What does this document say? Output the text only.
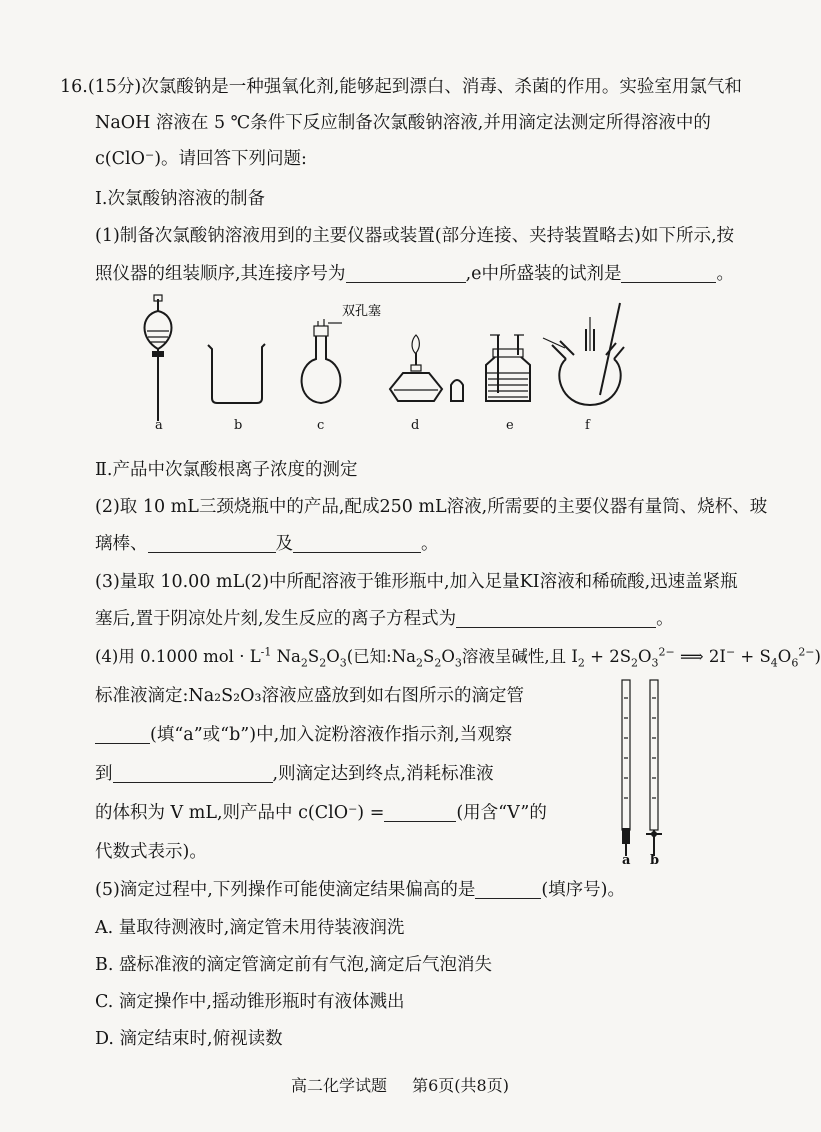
16.(15分)次氯酸钠是一种强氧化剂,能够起到漂白、消毒、杀菌的作用。实验室用氯气和
NaOH 溶液在 5 ℃条件下反应制备次氯酸钠溶液,并用滴定法测定所得溶液中的
c(ClO⁻)。请回答下列问题:
Ⅰ.次氯酸钠溶液的制备
(1)制备次氯酸钠溶液用到的主要仪器或装置(部分连接、夹持装置略去)如下所示,按
照仪器的组装顺序,其连接序号为	,e中所盛装的试剂是	。
双孔塞
a	b	c	d	e	f
Ⅱ.产品中次氯酸根离子浓度的测定
(2)取 10 mL三颈烧瓶中的产品,配成250 mL溶液,所需要的主要仪器有量筒、烧杯、玻
璃棒、	及	。
(3)量取 10.00 mL(2)中所配溶液于锥形瓶中,加入足量KI溶液和稀硫酸,迅速盖紧瓶
塞后,置于阴凉处片刻,发生反应的离子方程式为	。
(4)用 0.1000 mol · $L^{-1}$ $Na_2S_2O_3$(已知$:Na_2S_2O_3$溶液呈碱性,且 $I_2 + 2S_2O_3^{2-}$ ⟹ $2I^- + S_4O_6^{2-}$)
标准液滴定:Na₂S₂O₃溶液应盛放到如右图所示的滴定管
(填“a”或“b”)中,加入淀粉溶液作指示剂,当观察
到	,则滴定达到终点,消耗标准液
的体积为 V mL,则产品中 c(ClO⁻) =	(用含“V”的
代数式表示)。	a b
(5)滴定过程中,下列操作可能使滴定结果偏高的是	(填序号)。
A. 量取待测液时,滴定管未用待装液润洗
B. 盛标准液的滴定管滴定前有气泡,滴定后气泡消失
C. 滴定操作中,摇动锥形瓶时有液体溅出
D. 滴定结束时,俯视读数
高二化学试题 第6页(共8页)
